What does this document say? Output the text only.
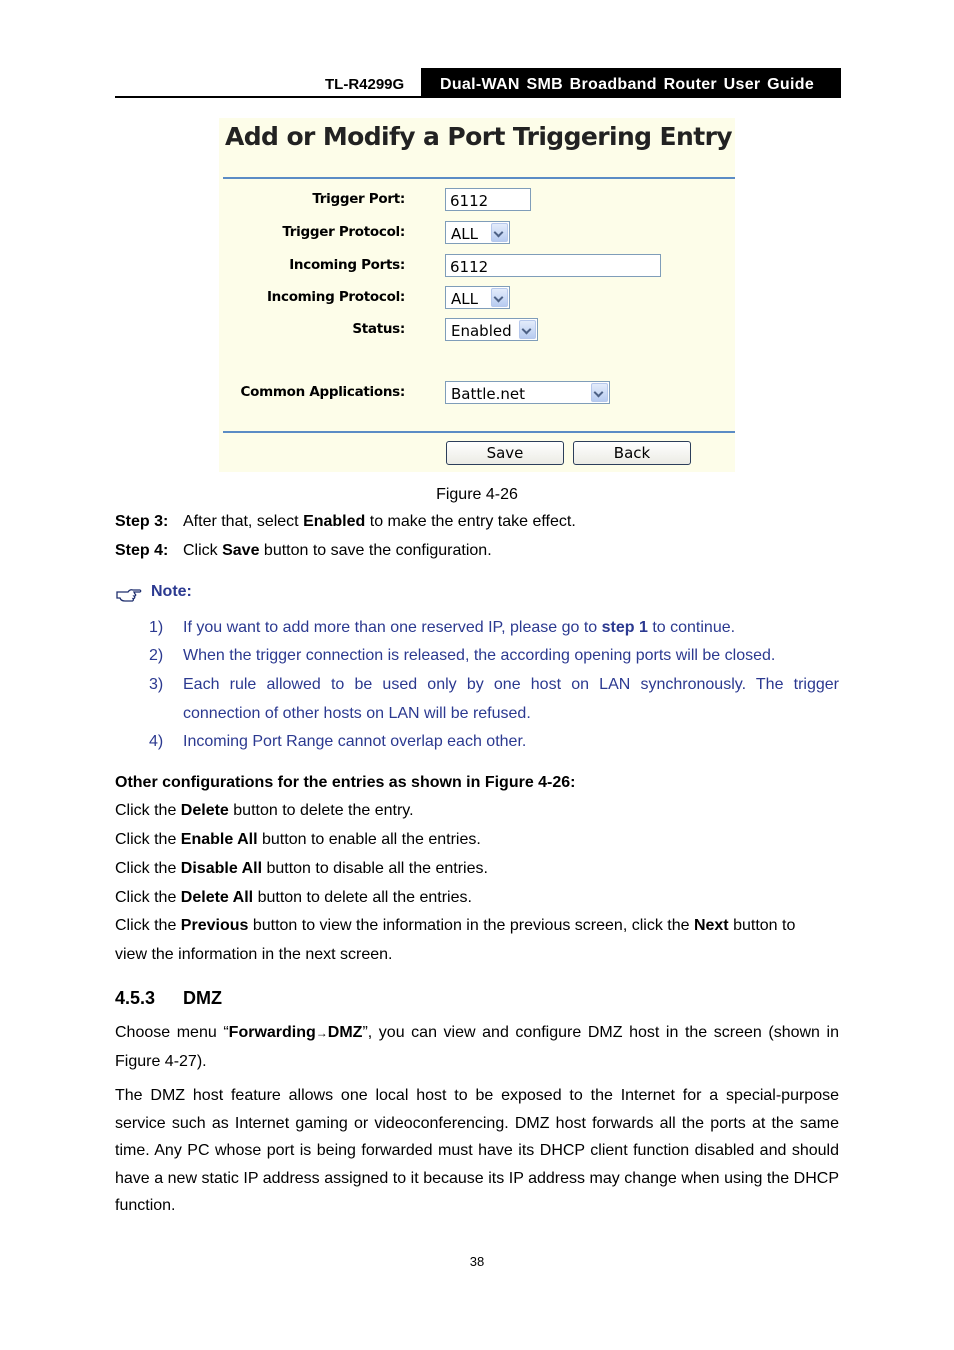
TL-R4299G	Dual-WAN SMB Broadband Router User Guide
Add or Modify a Port Triggering Entry
Trigger Port:	6112
Trigger Protocol:	ALL
Incoming Ports:	6112
Incoming Protocol:	ALL
Status:	Enabled
Common Applications:	Battle.net
Save	Back
Figure 4-26
Step 3: After that, select Enabled to make the entry take effect.
Step 4: Click Save button to save the configuration.
Note:
1) If you want to add more than one reserved IP, please go to step 1 to continue.
2) When the trigger connection is released, the according opening ports will be closed.
3) Each rule allowed to be used only by one host on LAN synchronously. The trigger
connection of other hosts on LAN will be refused.
4) Incoming Port Range cannot overlap each other.
Other configurations for the entries as shown in Figure 4-26:
Click the Delete button to delete the entry.
Click the Enable All button to enable all the entries.
Click the Disable All button to disable all the entries.
Click the Delete All button to delete all the entries.
Click the Previous button to view the information in the previous screen, click the Next button to
view the information in the next screen.
4.5.3 DMZ
Choose menu “Forwarding→DMZ”, you can view and configure DMZ host in the screen (shown in Figure 4-27).
The DMZ host feature allows one local host to be exposed to the Internet for a special-purpose service such as Internet gaming or videoconferencing. DMZ host forwards all the ports at the same time. Any PC whose port is being forwarded must have its DHCP client function disabled and should have a new static IP address assigned to it because its IP address may change when using the DHCP function.
38
